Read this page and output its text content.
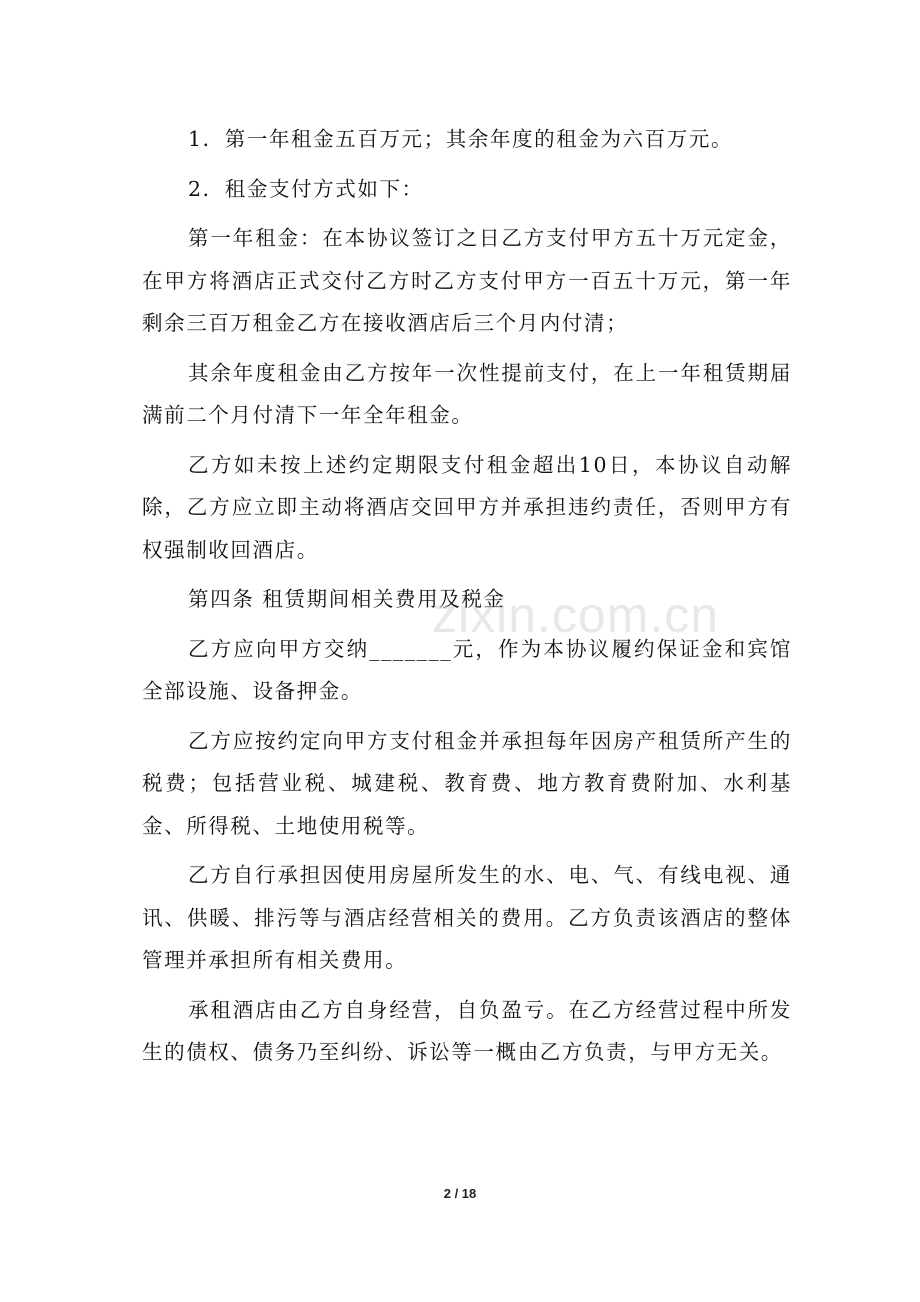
1．第一年租金五百万元；其余年度的租金为六百万元。

2．租金支付方式如下：

第一年租金：在本协议签订之日乙方支付甲方五十万元定金，在甲方将酒店正式交付乙方时乙方支付甲方一百五十万元，第一年剩余三百万租金乙方在接收酒店后三个月内付清；

其余年度租金由乙方按年一次性提前支付，在上一年租赁期届满前二个月付清下一年全年租金。

乙方如未按上述约定期限支付租金超出10日，本协议自动解除，乙方应立即主动将酒店交回甲方并承担违约责任，否则甲方有权强制收回酒店。

第四条 租赁期间相关费用及税金

乙方应向甲方交纳_______元，作为本协议履约保证金和宾馆全部设施、设备押金。

乙方应按约定向甲方支付租金并承担每年因房产租赁所产生的税费；包括营业税、城建税、教育费、地方教育费附加、水利基金、所得税、土地使用税等。

乙方自行承担因使用房屋所发生的水、电、气、有线电视、通讯、供暖、排污等与酒店经营相关的费用。乙方负责该酒店的整体管理并承担所有相关费用。

承租酒店由乙方自身经营，自负盈亏。在乙方经营过程中所发生的债权、债务乃至纠纷、诉讼等一概由乙方负责，与甲方无关。

zixin.com.cn
2 / 18
